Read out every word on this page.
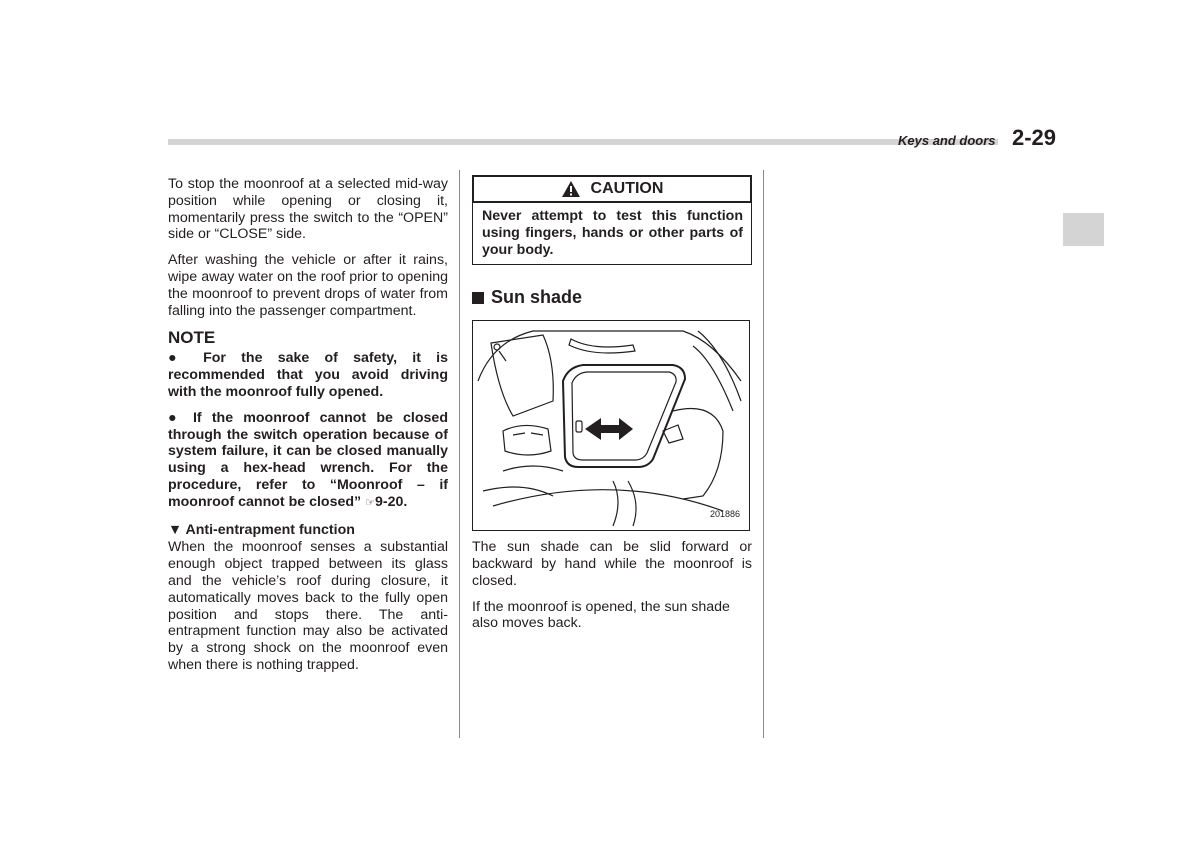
Keys and doors 2-29

To stop the moonroof at a selected mid-way position while opening or closing it, momentarily press the switch to the “OPEN” side or “CLOSE” side.

After washing the vehicle or after it rains, wipe away water on the roof prior to opening the moonroof to prevent drops of water from falling into the passenger compartment.

NOTE

● For the sake of safety, it is recommended that you avoid driving with the moonroof fully opened.

● If the moonroof cannot be closed through the switch operation because of system failure, it can be closed manually using a hex-head wrench. For the procedure, refer to “Moonroof – if moonroof cannot be closed” ☞9-20.

▼ Anti-entrapment function

When the moonroof senses a substantial enough object trapped between its glass and the vehicle’s roof during closure, it automatically moves back to the fully open position and stops there. The anti-entrapment function may also be activated by a strong shock on the moonroof even when there is nothing trapped.

CAUTION
Never attempt to test this function using fingers, hands or other parts of your body.
Sun shade
201886

The sun shade can be slid forward or backward by hand while the moonroof is closed.

If the moonroof is opened, the sun shade also moves back.
